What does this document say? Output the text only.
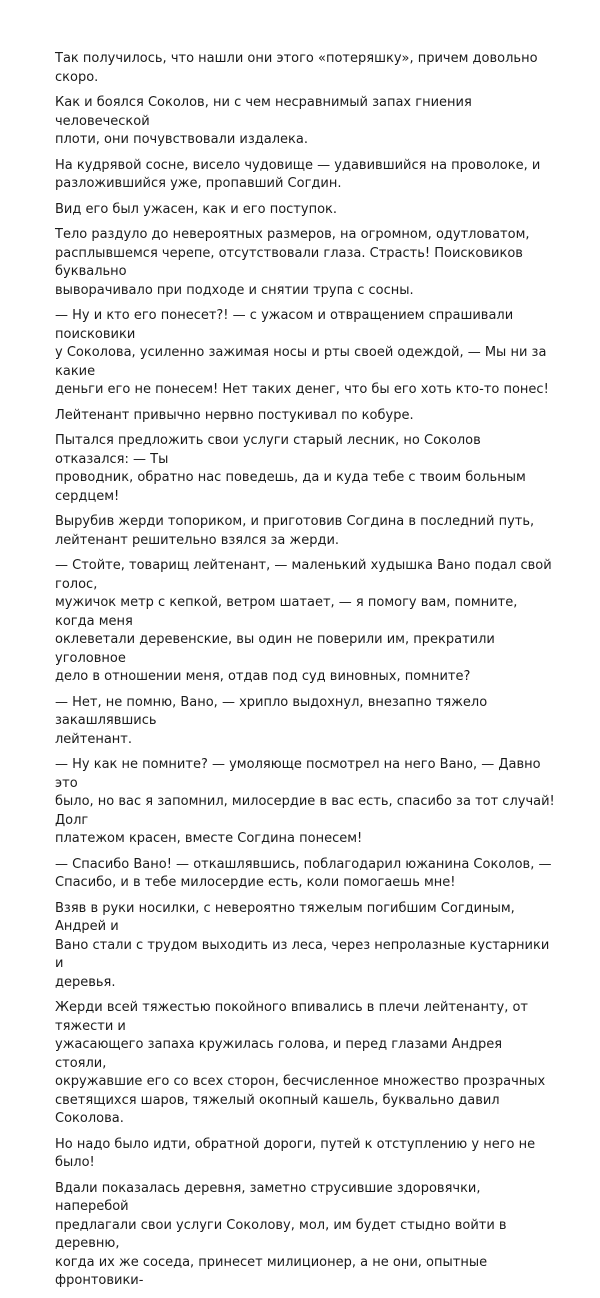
Так получилось, что нашли они этого «потеряшку», причем довольно скоро.

Как и боялся Соколов, ни с чем несравнимый запах гниения человеческой
плоти, они почувствовали издалека.

На кудрявой сосне, висело чудовище — удавившийся на проволоке, и
разложившийся уже, пропавший Согдин.

Вид его был ужасен, как и его поступок.

Тело раздуло до невероятных размеров, на огромном, одутловатом,
расплывшемся черепе, отсутствовали глаза. Страсть! Поисковиков буквально
выворачивало при подходе и снятии трупа с сосны.

— Ну и кто его понесет?! — с ужасом и отвращением спрашивали поисковики
у Соколова, усиленно зажимая носы и рты своей одеждой, — Мы ни за какие
деньги его не понесем! Нет таких денег, что бы его хоть кто-то понес!

Лейтенант привычно нервно постукивал по кобуре.

Пытался предложить свои услуги старый лесник, но Соколов отказался: — Ты
проводник, обратно нас поведешь, да и куда тебе с твоим больным сердцем!

Вырубив жерди топориком, и приготовив Согдина в последний путь,
лейтенант решительно взялся за жерди.

— Стойте, товарищ лейтенант, — маленький худышка Вано подал свой голос,
мужичок метр с кепкой, ветром шатает, — я помогу вам, помните, когда меня
оклеветали деревенские, вы один не поверили им, прекратили уголовное
дело в отношении меня, отдав под суд виновных, помните?

— Нет, не помню, Вано, — хрипло выдохнул, внезапно тяжело закашлявшись
лейтенант.

— Ну как не помните? — умоляюще посмотрел на него Вано, — Давно это
было, но вас я запомнил, милосердие в вас есть, спасибо за тот случай! Долг
платежом красен, вместе Согдина понесем!

— Спасибо Вано! — откашлявшись, поблагодарил южанина Соколов, —
Спасибо, и в тебе милосердие есть, коли помогаешь мне!

Взяв в руки носилки, с невероятно тяжелым погибшим Согдиным, Андрей и
Вано стали с трудом выходить из леса, через непролазные кустарники и
деревья.

Жерди всей тяжестью покойного впивались в плечи лейтенанту, от тяжести и
ужасающего запаха кружилась голова, и перед глазами Андрея стояли,
окружавшие его со всех сторон, бесчисленное множество прозрачных
светящихся шаров, тяжелый окопный кашель, буквально давил Соколова.

Но надо было идти, обратной дороги, путей к отступлению у него не было!

Вдали показалась деревня, заметно струсившие здоровячки, наперебой
предлагали свои услуги Соколову, мол, им будет стыдно войти в деревню,
когда их же соседа, принесет милиционер, а не они, опытные фронтовики-
